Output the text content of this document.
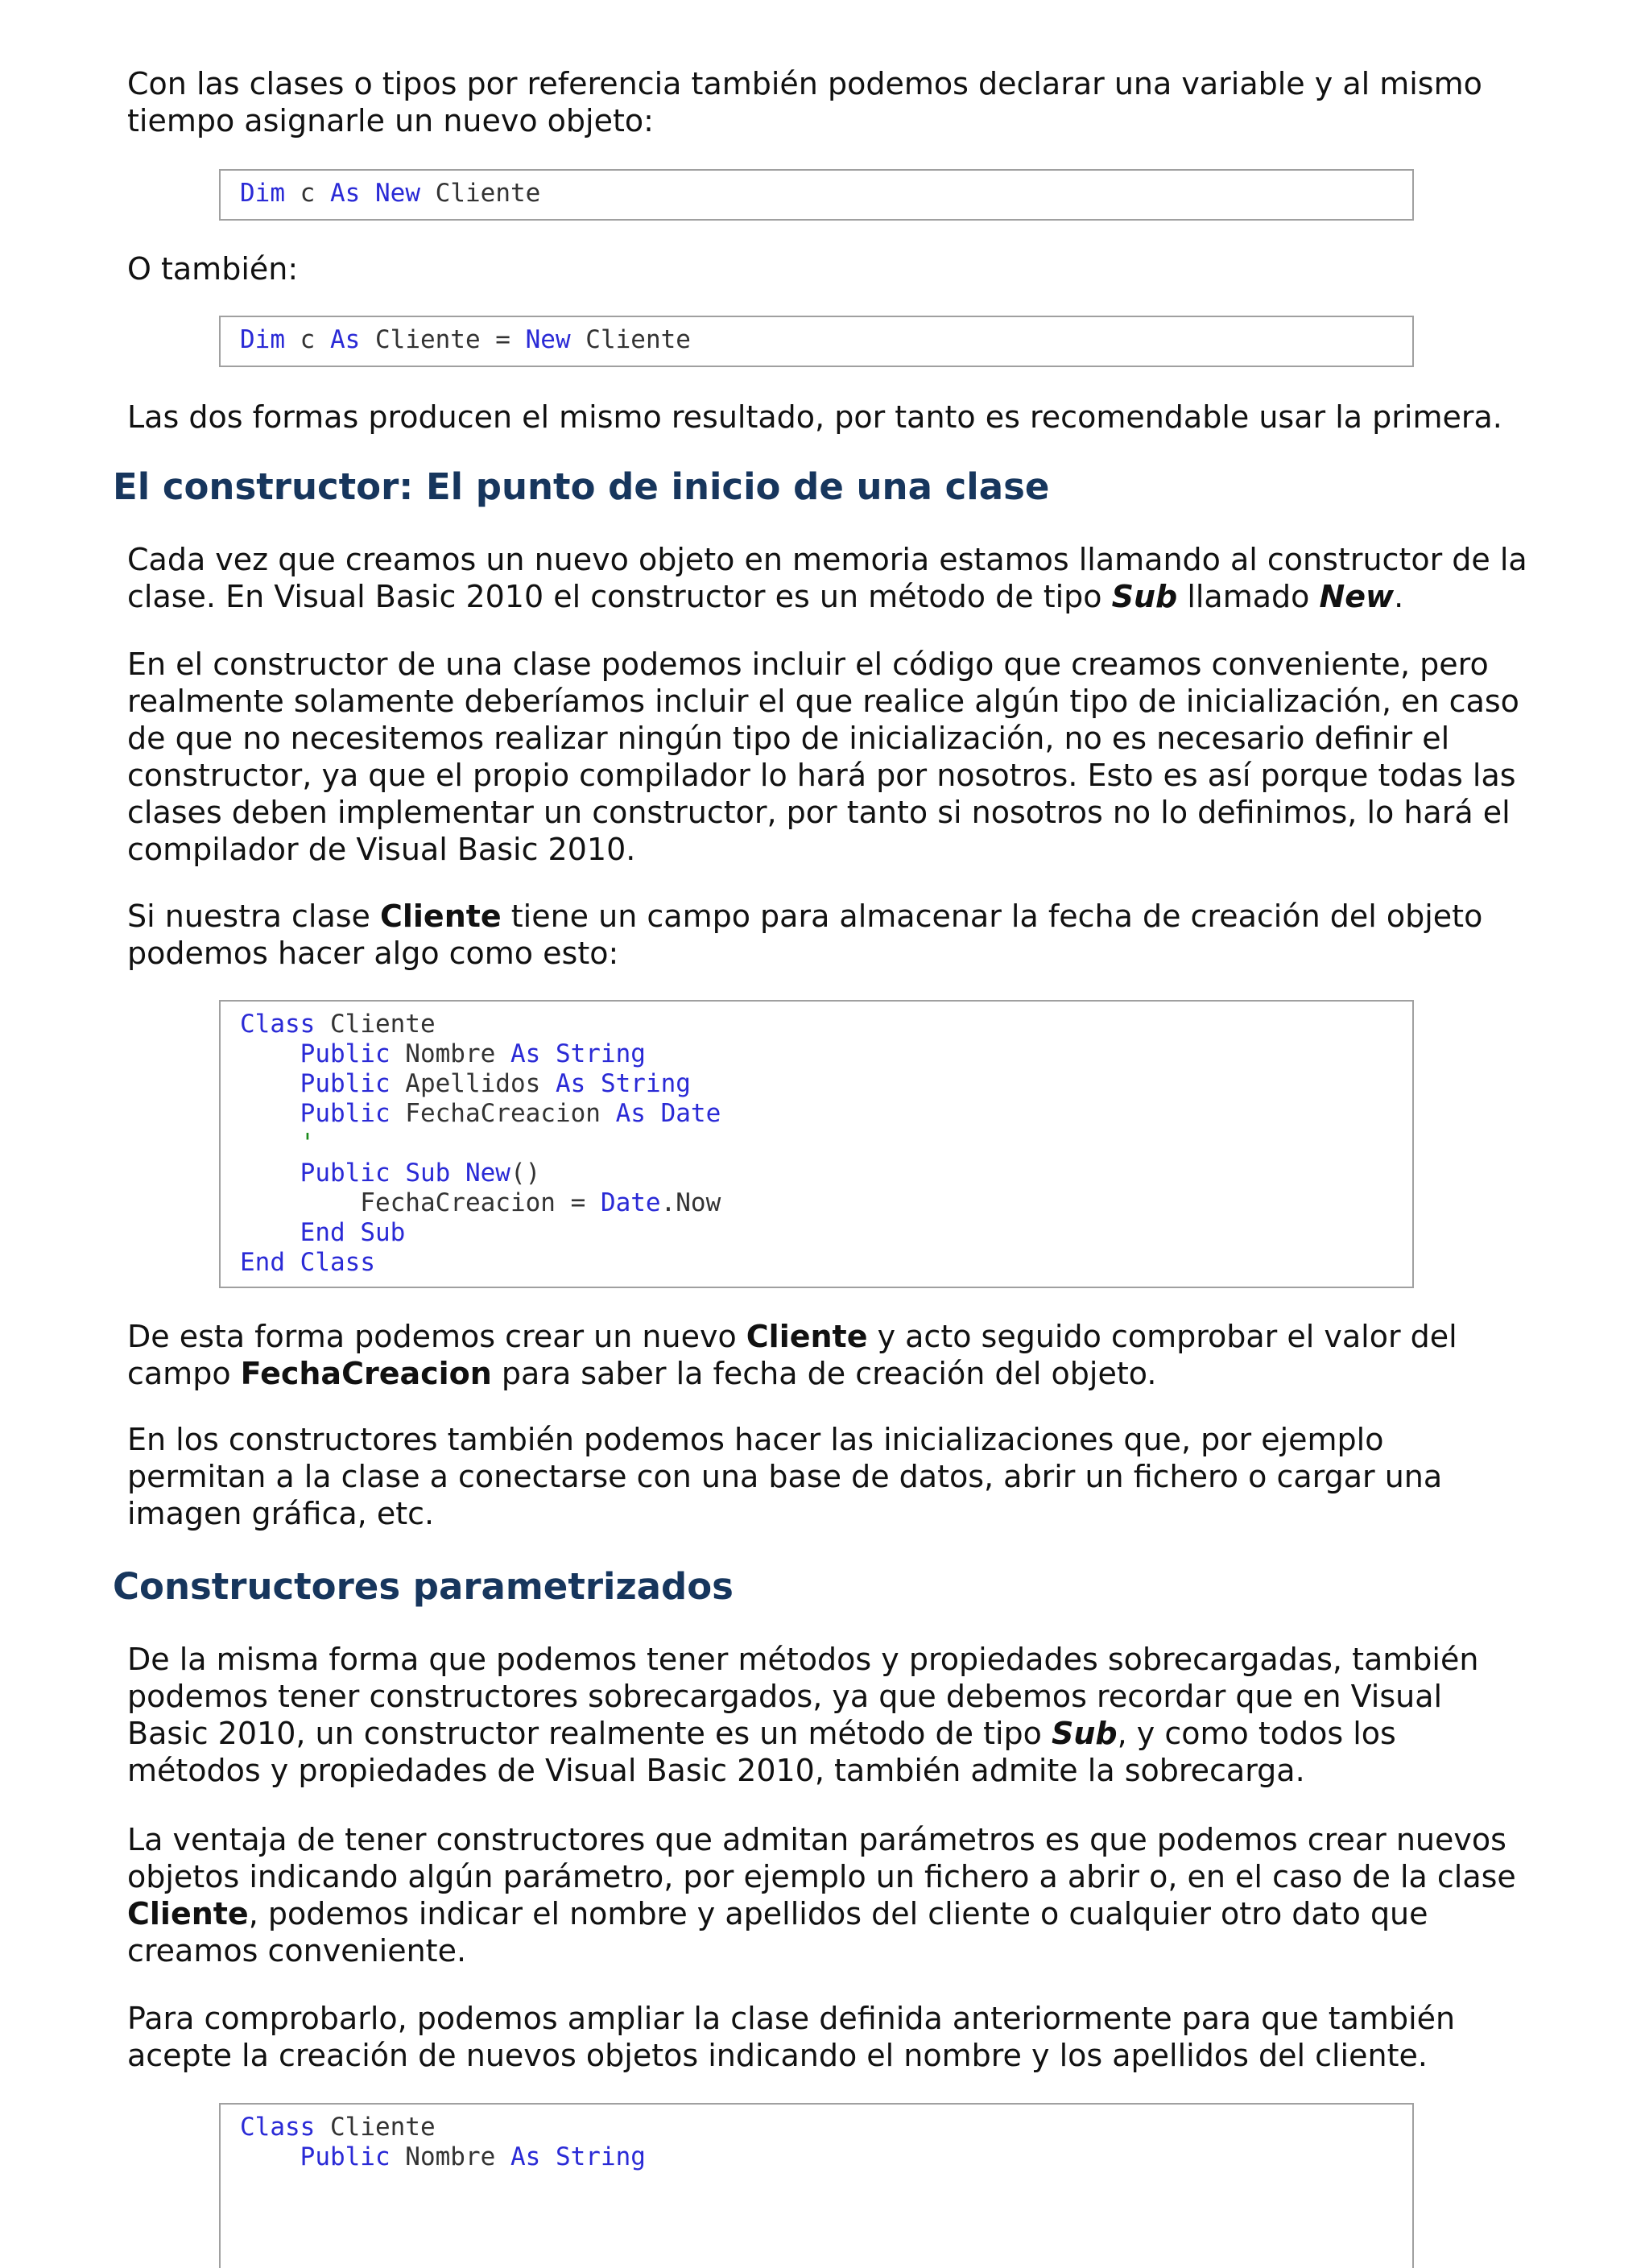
Con las clases o tipos por referencia también podemos declarar una variable y al mismo tiempo asignarle un nuevo objeto:

Dim c As New Cliente

O también:

Dim c As Cliente = New Cliente

Las dos formas producen el mismo resultado, por tanto es recomendable usar la primera.

El constructor: El punto de inicio de una clase

Cada vez que creamos un nuevo objeto en memoria estamos llamando al constructor de la clase. En Visual Basic 2010 el constructor es un método de tipo Sub llamado New.

En el constructor de una clase podemos incluir el código que creamos conveniente, pero realmente solamente deberíamos incluir el que realice algún tipo de inicialización, en caso de que no necesitemos realizar ningún tipo de inicialización, no es necesario definir el constructor, ya que el propio compilador lo hará por nosotros. Esto es así porque todas las clases deben implementar un constructor, por tanto si nosotros no lo definimos, lo hará el compilador de Visual Basic 2010.

Si nuestra clase Cliente tiene un campo para almacenar la fecha de creación del objeto podemos hacer algo como esto:

Class Cliente
Public Nombre As String
Public Apellidos As String
Public FechaCreacion As Date
'
Public Sub New()
FechaCreacion = Date.Now
End Sub
End Class

De esta forma podemos crear un nuevo Cliente y acto seguido comprobar el valor del campo FechaCreacion para saber la fecha de creación del objeto.

En los constructores también podemos hacer las inicializaciones que, por ejemplo permitan a la clase a conectarse con una base de datos, abrir un fichero o cargar una imagen gráfica, etc.

Constructores parametrizados

De la misma forma que podemos tener métodos y propiedades sobrecargadas, también podemos tener constructores sobrecargados, ya que debemos recordar que en Visual Basic 2010, un constructor realmente es un método de tipo Sub, y como todos los métodos y propiedades de Visual Basic 2010, también admite la sobrecarga.

La ventaja de tener constructores que admitan parámetros es que podemos crear nuevos objetos indicando algún parámetro, por ejemplo un fichero a abrir o, en el caso de la clase Cliente, podemos indicar el nombre y apellidos del cliente o cualquier otro dato que creamos conveniente.

Para comprobarlo, podemos ampliar la clase definida anteriormente para que también acepte la creación de nuevos objetos indicando el nombre y los apellidos del cliente.

Class Cliente
Public Nombre As String
